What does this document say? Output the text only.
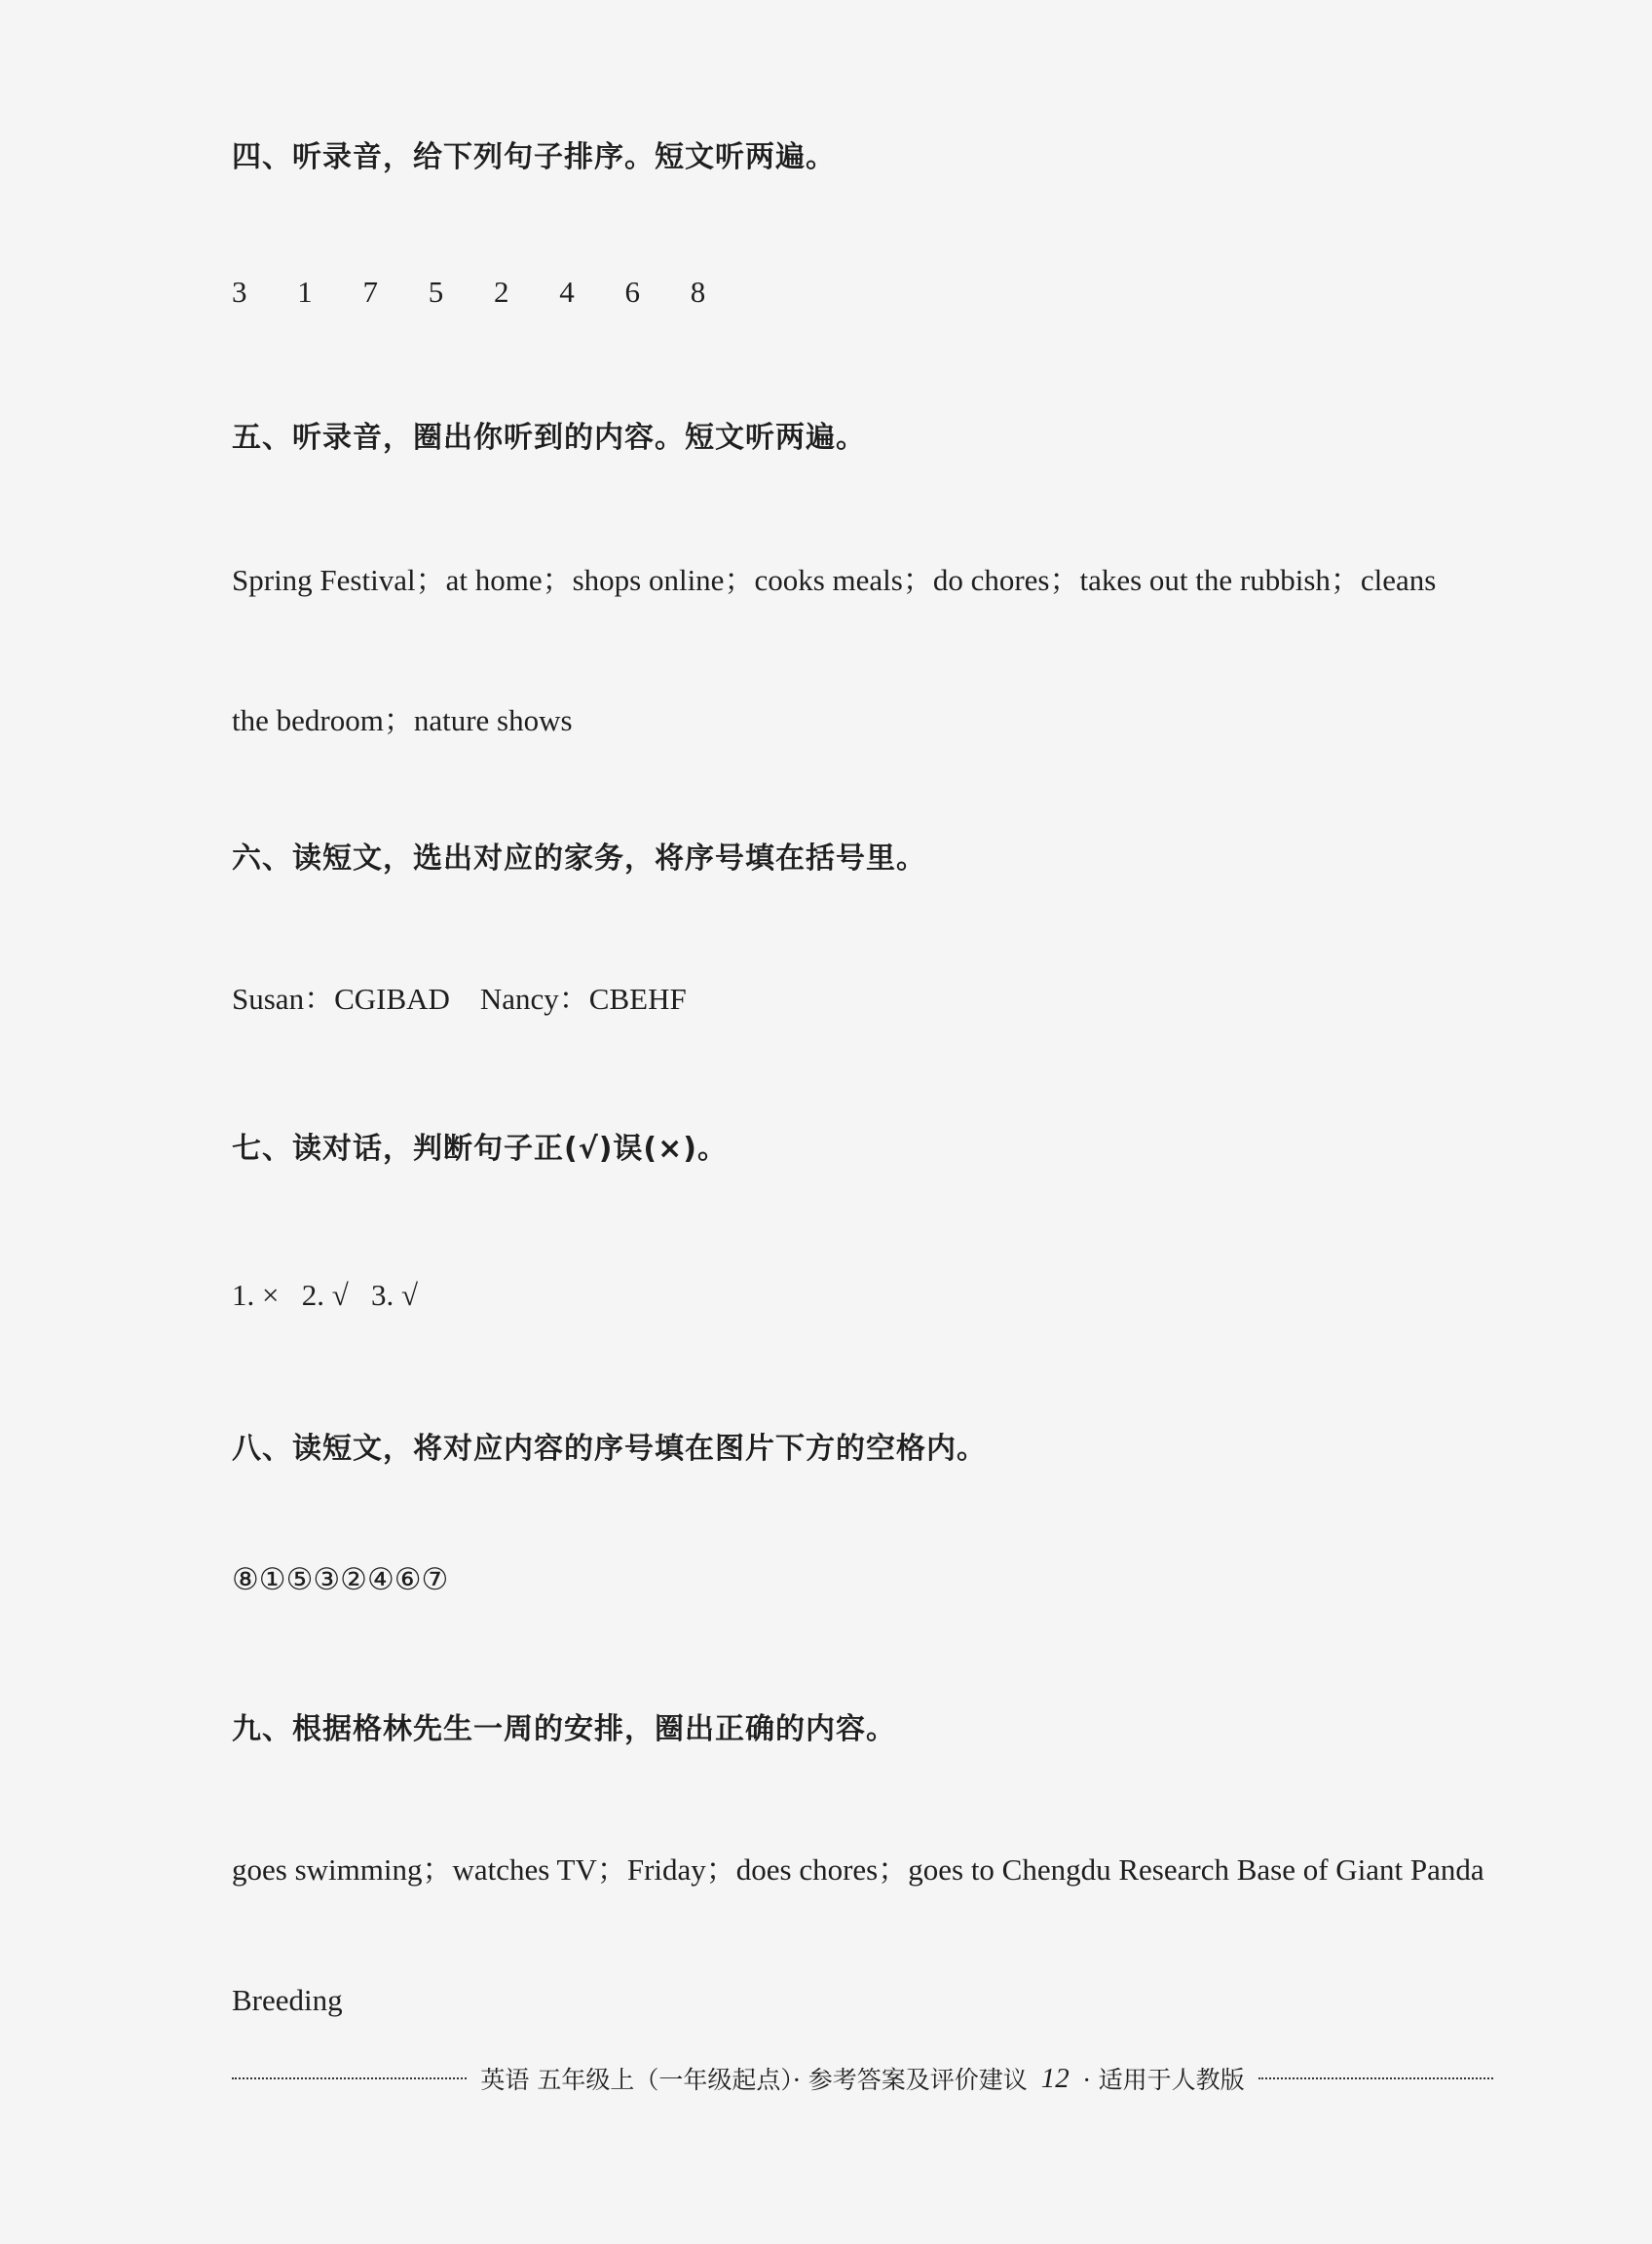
四、听录音，给下列句子排序。短文听两遍。
3 1 7 5 2 4 6 8
五、听录音，圈出你听到的内容。短文听两遍。
Spring Festival；at home；shops online；cooks meals；do chores；takes out the rubbish；cleans
the bedroom；nature shows
六、读短文，选出对应的家务，将序号填在括号里。
Susan：CGIBAD    Nancy：CBEHF
七、读对话，判断句子正(√)误(×)。
1. ×   2. √   3. √
八、读短文，将对应内容的序号填在图片下方的空格内。
⑧①⑤③②④⑥⑦
九、根据格林先生一周的安排，圈出正确的内容。
goes swimming；watches TV；Friday；does chores；goes to Chengdu Research Base of Giant Panda
Breeding
英语 五年级上（一年级起点）· 参考答案及评价建议 12 · 适用于人教版
